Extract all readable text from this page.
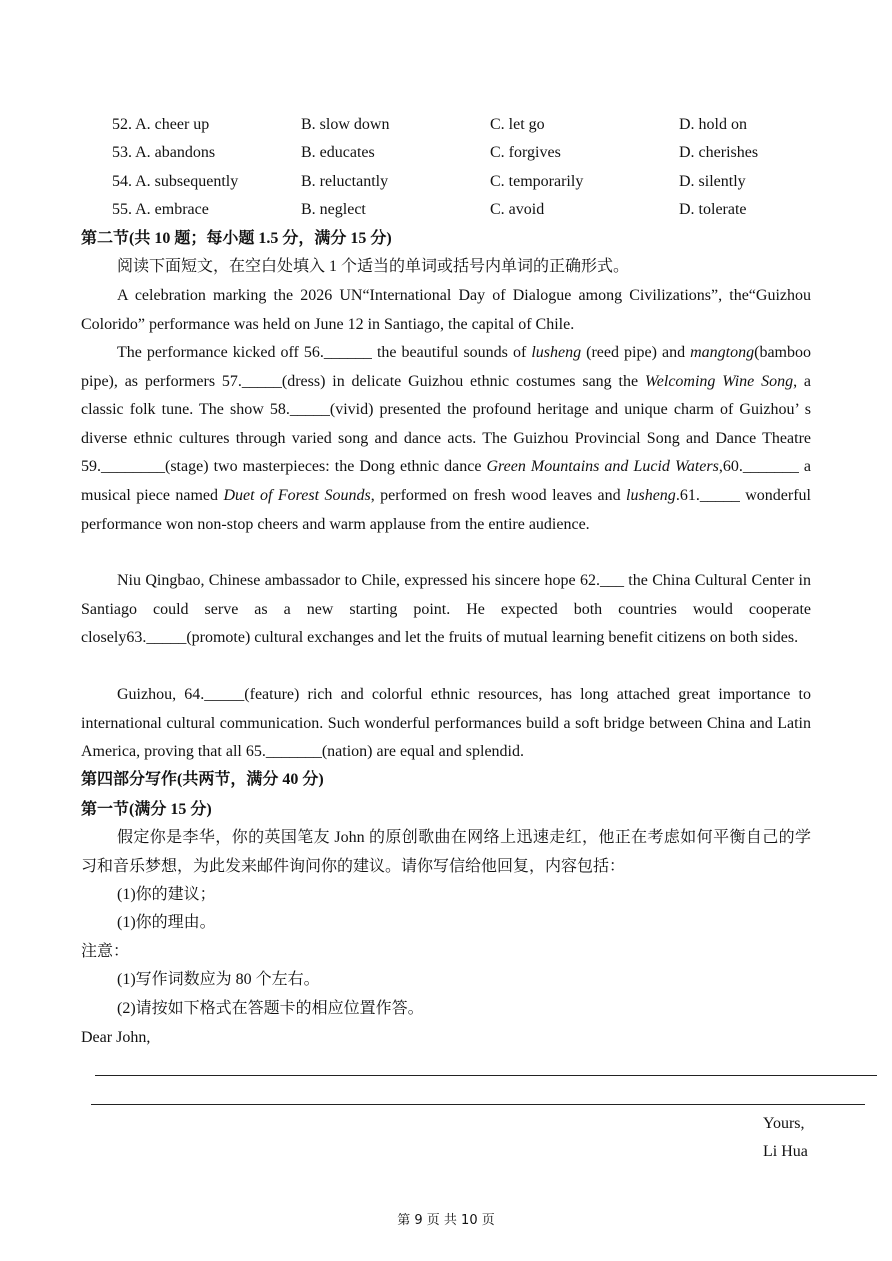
52. A. cheer up	B. slow down	C. let go	D. hold on
53. A. abandons	B. educates	C. forgives	D. cherishes
54. A. subsequently	B. reluctantly	C. temporarily	D. silently
55. A. embrace	B. neglect	C. avoid	D. tolerate
第二节(共 10 题；每小题 1.5 分，满分 15 分)
阅读下面短文，在空白处填入 1 个适当的单词或括号内单词的正确形式。
A celebration marking the 2026 UN“International Day of Dialogue among Civilizations”, the“Guizhou Colorido” performance was held on June 12 in Santiago, the capital of Chile.
The performance kicked off 56.______ the beautiful sounds of lusheng (reed pipe) and mangtong(bamboo pipe), as performers 57._____(dress) in delicate Guizhou ethnic costumes sang the Welcoming Wine Song, a classic folk tune. The show 58._____(vivid) presented the profound heritage and unique charm of Guizhou’ s diverse ethnic cultures through varied song and dance acts. The Guizhou Provincial Song and Dance Theatre 59.________(stage) two masterpieces: the Dong ethnic dance Green Mountains and Lucid Waters,60._______ a musical piece named Duet of Forest Sounds, performed on fresh wood leaves and lusheng.61._____ wonderful performance won non-stop cheers and warm applause from the entire audience.
Niu Qingbao, Chinese ambassador to Chile, expressed his sincere hope 62.___ the China Cultural Center in Santiago could serve as a new starting point. He expected both countries would cooperate closely63._____(promote) cultural exchanges and let the fruits of mutual learning benefit citizens on both sides.
Guizhou, 64._____(feature) rich and colorful ethnic resources, has long attached great importance to international cultural communication. Such wonderful performances build a soft bridge between China and Latin America, proving that all 65._______(nation) are equal and splendid.
第四部分写作(共两节，满分 40 分)
第一节(满分 15 分)
假定你是李华，你的英国笔友 John 的原创歌曲在网络上迅速走红，他正在考虑如何平衡自己的学习和音乐梦想，为此发来邮件询问你的建议。请你写信给他回复，内容包括：
(1)你的建议；
(1)你的理由。
注意：
(1)写作词数应为 80 个左右。
(2)请按如下格式在答题卡的相应位置作答。
Dear John,
Yours,
Li Hua
第 9 页 共 10 页
